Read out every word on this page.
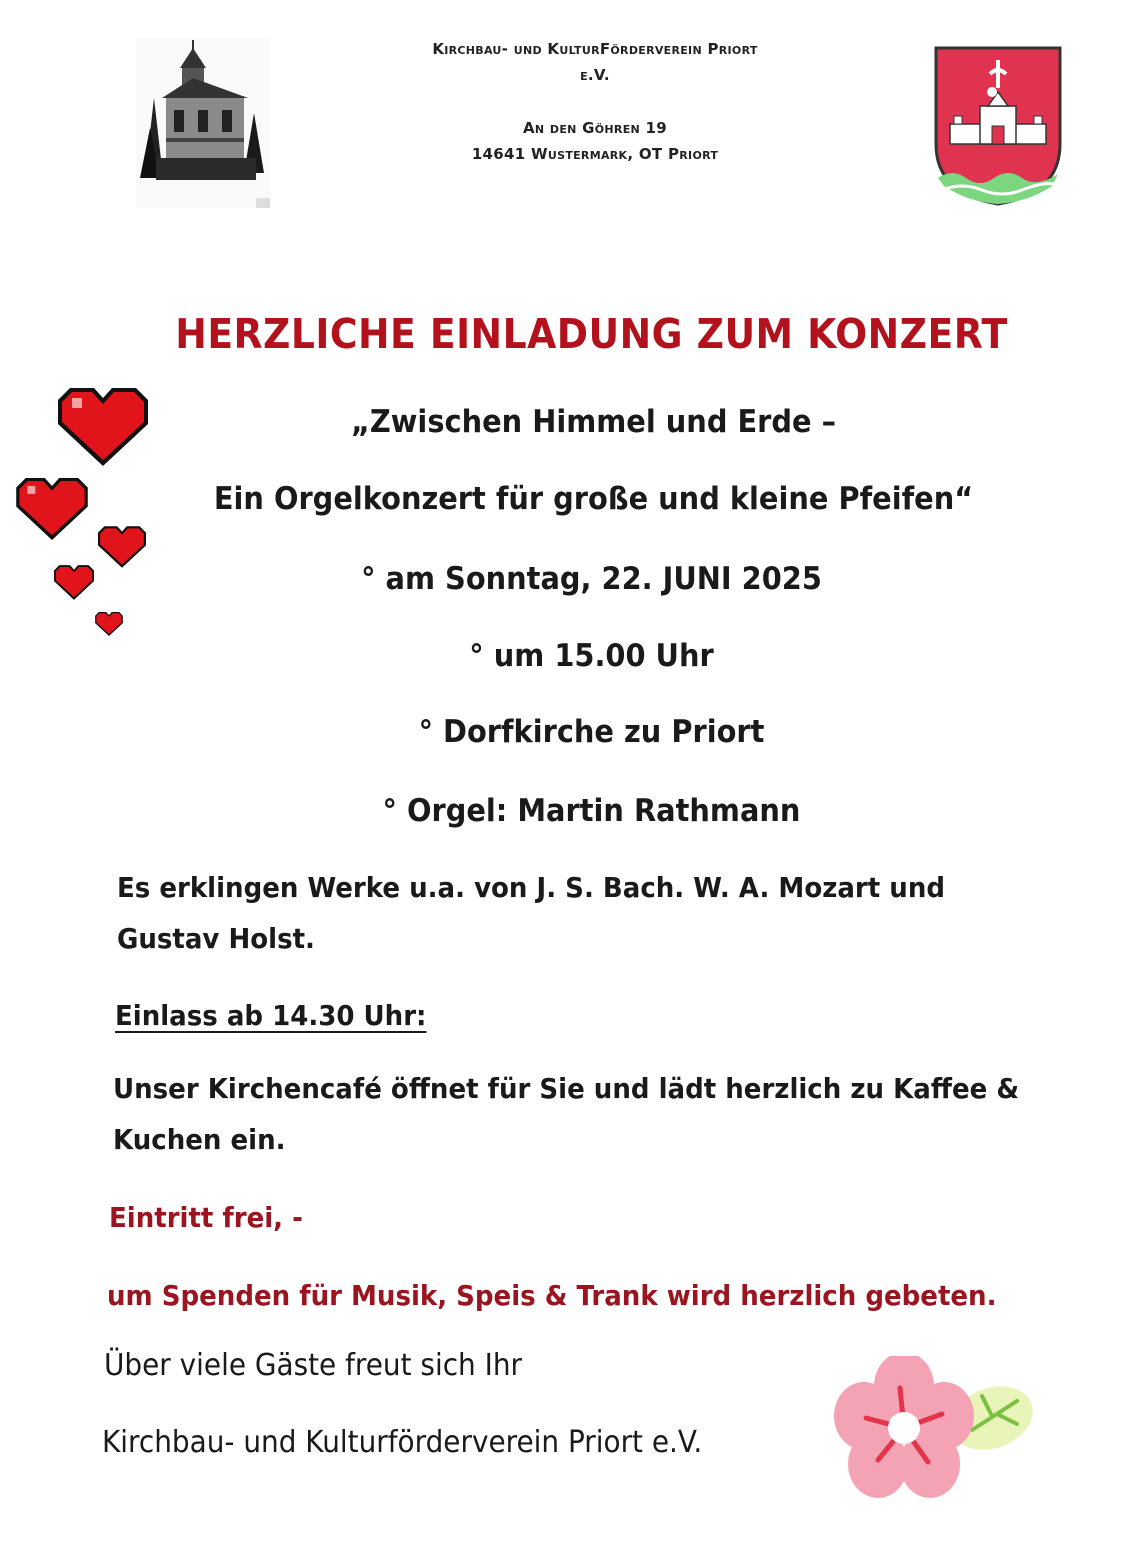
Kirchbau- und KulturFörderverein Priort
e.V.
An den Göhren 19
14641 Wustermark, OT Priort
HERZLICHE EINLADUNG ZUM KONZERT
„Zwischen Himmel und Erde –
Ein Orgelkonzert für große und kleine Pfeifen“
° am Sonntag, 22. JUNI 2025
° um 15.00 Uhr
° Dorfkirche zu Priort
° Orgel: Martin Rathmann
Es erklingen Werke u.a. von J. S. Bach. W. A. Mozart und Gustav Holst.
Einlass ab 14.30 Uhr:
Unser Kirchencafé öffnet für Sie und lädt herzlich zu Kaffee & Kuchen ein.
Eintritt frei, -
um Spenden für Musik, Speis & Trank wird herzlich gebeten.
Über viele Gäste freut sich Ihr
Kirchbau- und Kulturförderverein Priort e.V.
